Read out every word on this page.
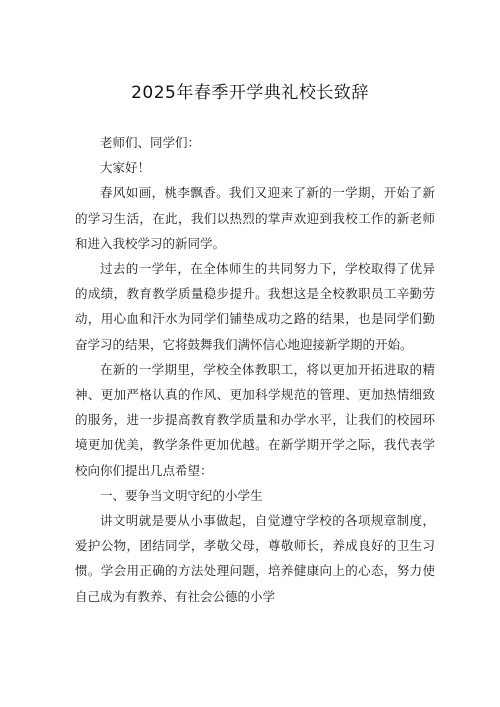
2025年春季开学典礼校长致辞

老师们、同学们：

大家好！

春风如画，桃李飘香。我们又迎来了新的一学期，开始了新的学习生活，在此，我们以热烈的掌声欢迎到我校工作的新老师和进入我校学习的新同学。

过去的一学年，在全体师生的共同努力下，学校取得了优异的成绩，教育教学质量稳步提升。我想这是全校教职员工辛勤劳动，用心血和汗水为同学们铺垫成功之路的结果，也是同学们勤奋学习的结果，它将鼓舞我们满怀信心地迎接新学期的开始。

在新的一学期里，学校全体教职工，将以更加开拓进取的精神、更加严格认真的作风、更加科学规范的管理、更加热情细致的服务，进一步提高教育教学质量和办学水平，让我们的校园环境更加优美，教学条件更加优越。在新学期开学之际，我代表学校向你们提出几点希望：

一、要争当文明守纪的小学生

讲文明就是要从小事做起，自觉遵守学校的各项规章制度，爱护公物，团结同学，孝敬父母，尊敬师长，养成良好的卫生习惯。学会用正确的方法处理问题，培养健康向上的心态，努力使自己成为有教养、有社会公德的小学
